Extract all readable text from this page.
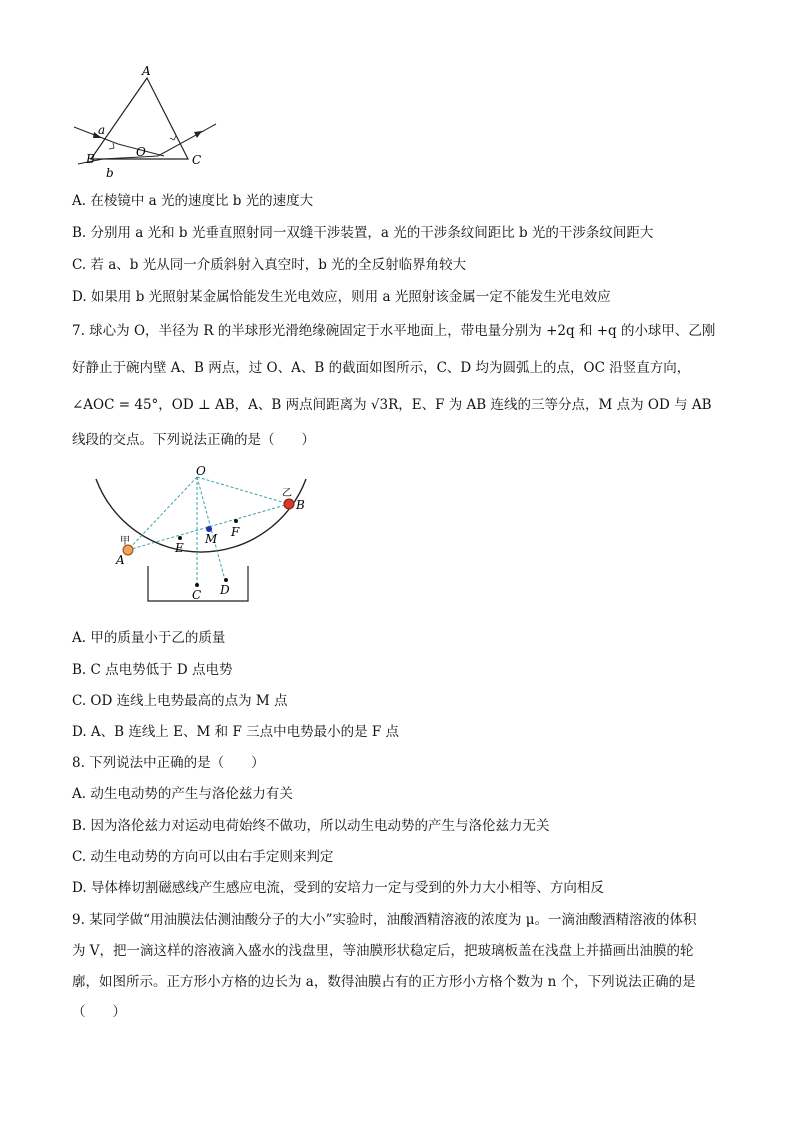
A
B	C
O
a
b
A. 在棱镜中 a 光的速度比 b 光的速度大
B. 分别用 a 光和 b 光垂直照射同一双缝干涉装置，a 光的干涉条纹间距比 b 光的干涉条纹间距大
C. 若 a、b 光从同一介质斜射入真空时，b 光的全反射临界角较大
D. 如果用 b 光照射某金属恰能发生光电效应，则用 a 光照射该金属一定不能发生光电效应
7. 球心为 O，半径为 R 的半球形光滑绝缘碗固定于水平地面上，带电量分别为 +2q 和 +q 的小球甲、乙刚
好静止于碗内壁 A、B 两点，过 O、A、B 的截面如图所示，C、D 均为圆弧上的点，OC 沿竖直方向，
∠AOC = 45°，OD ⊥ AB，A、B 两点间距离为 √3R，E、F 为 AB 连线的三等分点，M 点为 OD 与 AB
线段的交点。下列说法正确的是（　　）
O
A
甲
乙
B
E
M F
C D
A. 甲的质量小于乙的质量
B. C 点电势低于 D 点电势
C. OD 连线上电势最高的点为 M 点
D. A、B 连线上 E、M 和 F 三点中电势最小的是 F 点
8. 下列说法中正确的是（　　）
A. 动生电动势的产生与洛伦兹力有关
B. 因为洛伦兹力对运动电荷始终不做功，所以动生电动势的产生与洛伦兹力无关
C. 动生电动势的方向可以由右手定则来判定
D. 导体棒切割磁感线产生感应电流，受到的安培力一定与受到的外力大小相等、方向相反
9. 某同学做“用油膜法估测油酸分子的大小”实验时，油酸酒精溶液的浓度为 μ。一滴油酸酒精溶液的体积
为 V，把一滴这样的溶液滴入盛水的浅盘里，等油膜形状稳定后，把玻璃板盖在浅盘上并描画出油膜的轮
廓，如图所示。正方形小方格的边长为 a，数得油膜占有的正方形小方格个数为 n 个，下列说法正确的是
（　　）
